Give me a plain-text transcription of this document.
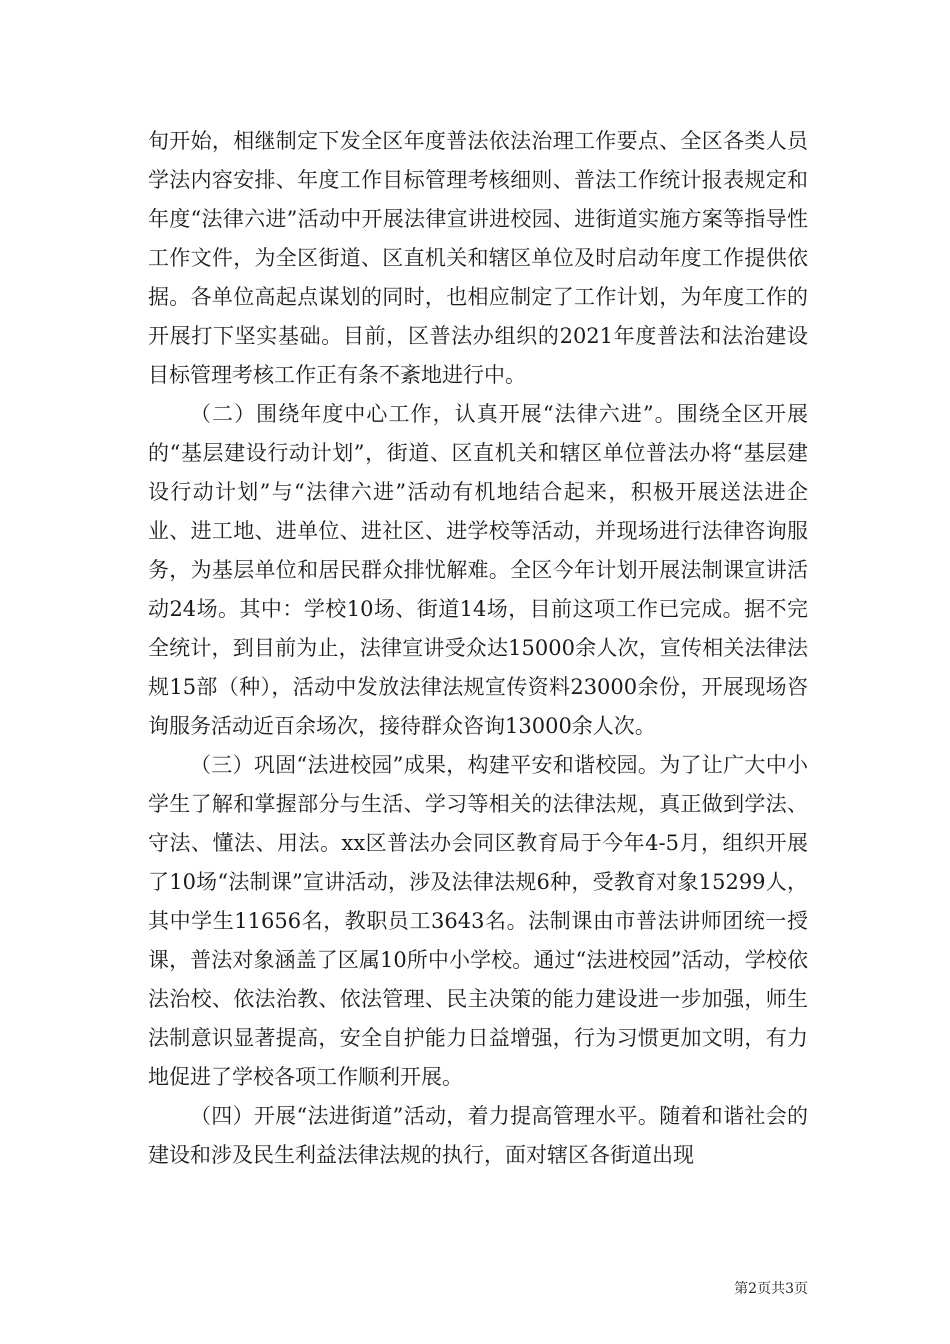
旬开始，相继制定下发全区年度普法依法治理工作要点、全区各类人员学法内容安排、年度工作目标管理考核细则、普法工作统计报表规定和年度“法律六进”活动中开展法律宣讲进校园、进街道实施方案等指导性工作文件，为全区街道、区直机关和辖区单位及时启动年度工作提供依据。各单位高起点谋划的同时，也相应制定了工作计划，为年度工作的开展打下坚实基础。目前，区普法办组织的2021年度普法和法治建设目标管理考核工作正有条不紊地进行中。

（二）围绕年度中心工作，认真开展“法律六进”。围绕全区开展的“基层建设行动计划”，街道、区直机关和辖区单位普法办将“基层建设行动计划”与“法律六进”活动有机地结合起来，积极开展送法进企业、进工地、进单位、进社区、进学校等活动，并现场进行法律咨询服务，为基层单位和居民群众排忧解难。全区今年计划开展法制课宣讲活动24场。其中：学校10场、街道14场，目前这项工作已完成。据不完全统计，到目前为止，法律宣讲受众达15000余人次，宣传相关法律法规15部（种），活动中发放法律法规宣传资料23000余份，开展现场咨询服务活动近百余场次，接待群众咨询13000余人次。

（三）巩固“法进校园”成果，构建平安和谐校园。为了让广大中小学生了解和掌握部分与生活、学习等相关的法律法规，真正做到学法、守法、懂法、用法。xx区普法办会同区教育局于今年4-5月，组织开展了10场“法制课”宣讲活动，涉及法律法规6种，受教育对象15299人，其中学生11656名，教职员工3643名。法制课由市普法讲师团统一授课，普法对象涵盖了区属10所中小学校。通过“法进校园”活动，学校依法治校、依法治教、依法管理、民主决策的能力建设进一步加强，师生法制意识显著提高，安全自护能力日益增强，行为习惯更加文明，有力地促进了学校各项工作顺利开展。

（四）开展“法进街道”活动，着力提高管理水平。随着和谐社会的建设和涉及民生利益法律法规的执行，面对辖区各街道出现

第2页共3页
